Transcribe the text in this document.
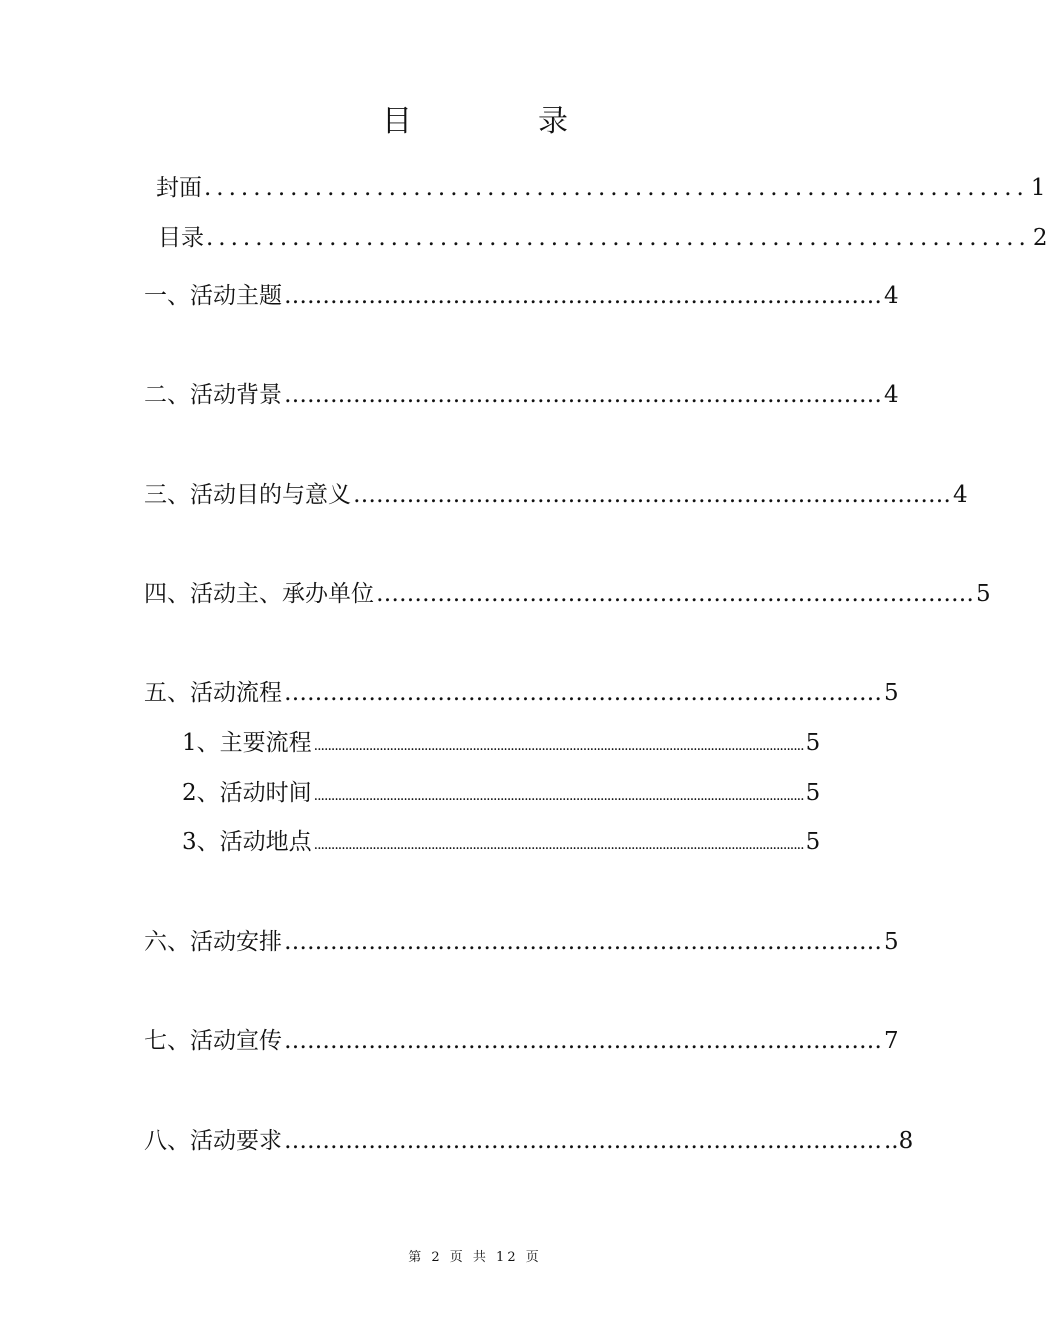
目　录
封面 ................................................................... 1
目录 ................................................................... 2
一、活动主题 …………………………………………………………………… 4
二、活动背景 …………………………………………………………………… 4
三、活动目的与意义 …………………………………………………………………… 4
四、活动主、承办单位 …………………………………………………………………… 5
五、活动流程 …………………………………………………………………… 5
1、主要流程 .............................................................................................................................................. 5
2、活动时间 .............................................................................................................................................. 5
3、活动地点 .............................................................................................................................................. 5
六、活动安排 …………………………………………………………………… 5
七、活动宣传 …………………………………………………………………… 7
八、活动要求 …………………………………………………………………… ..8
第 2 页 共 12 页
